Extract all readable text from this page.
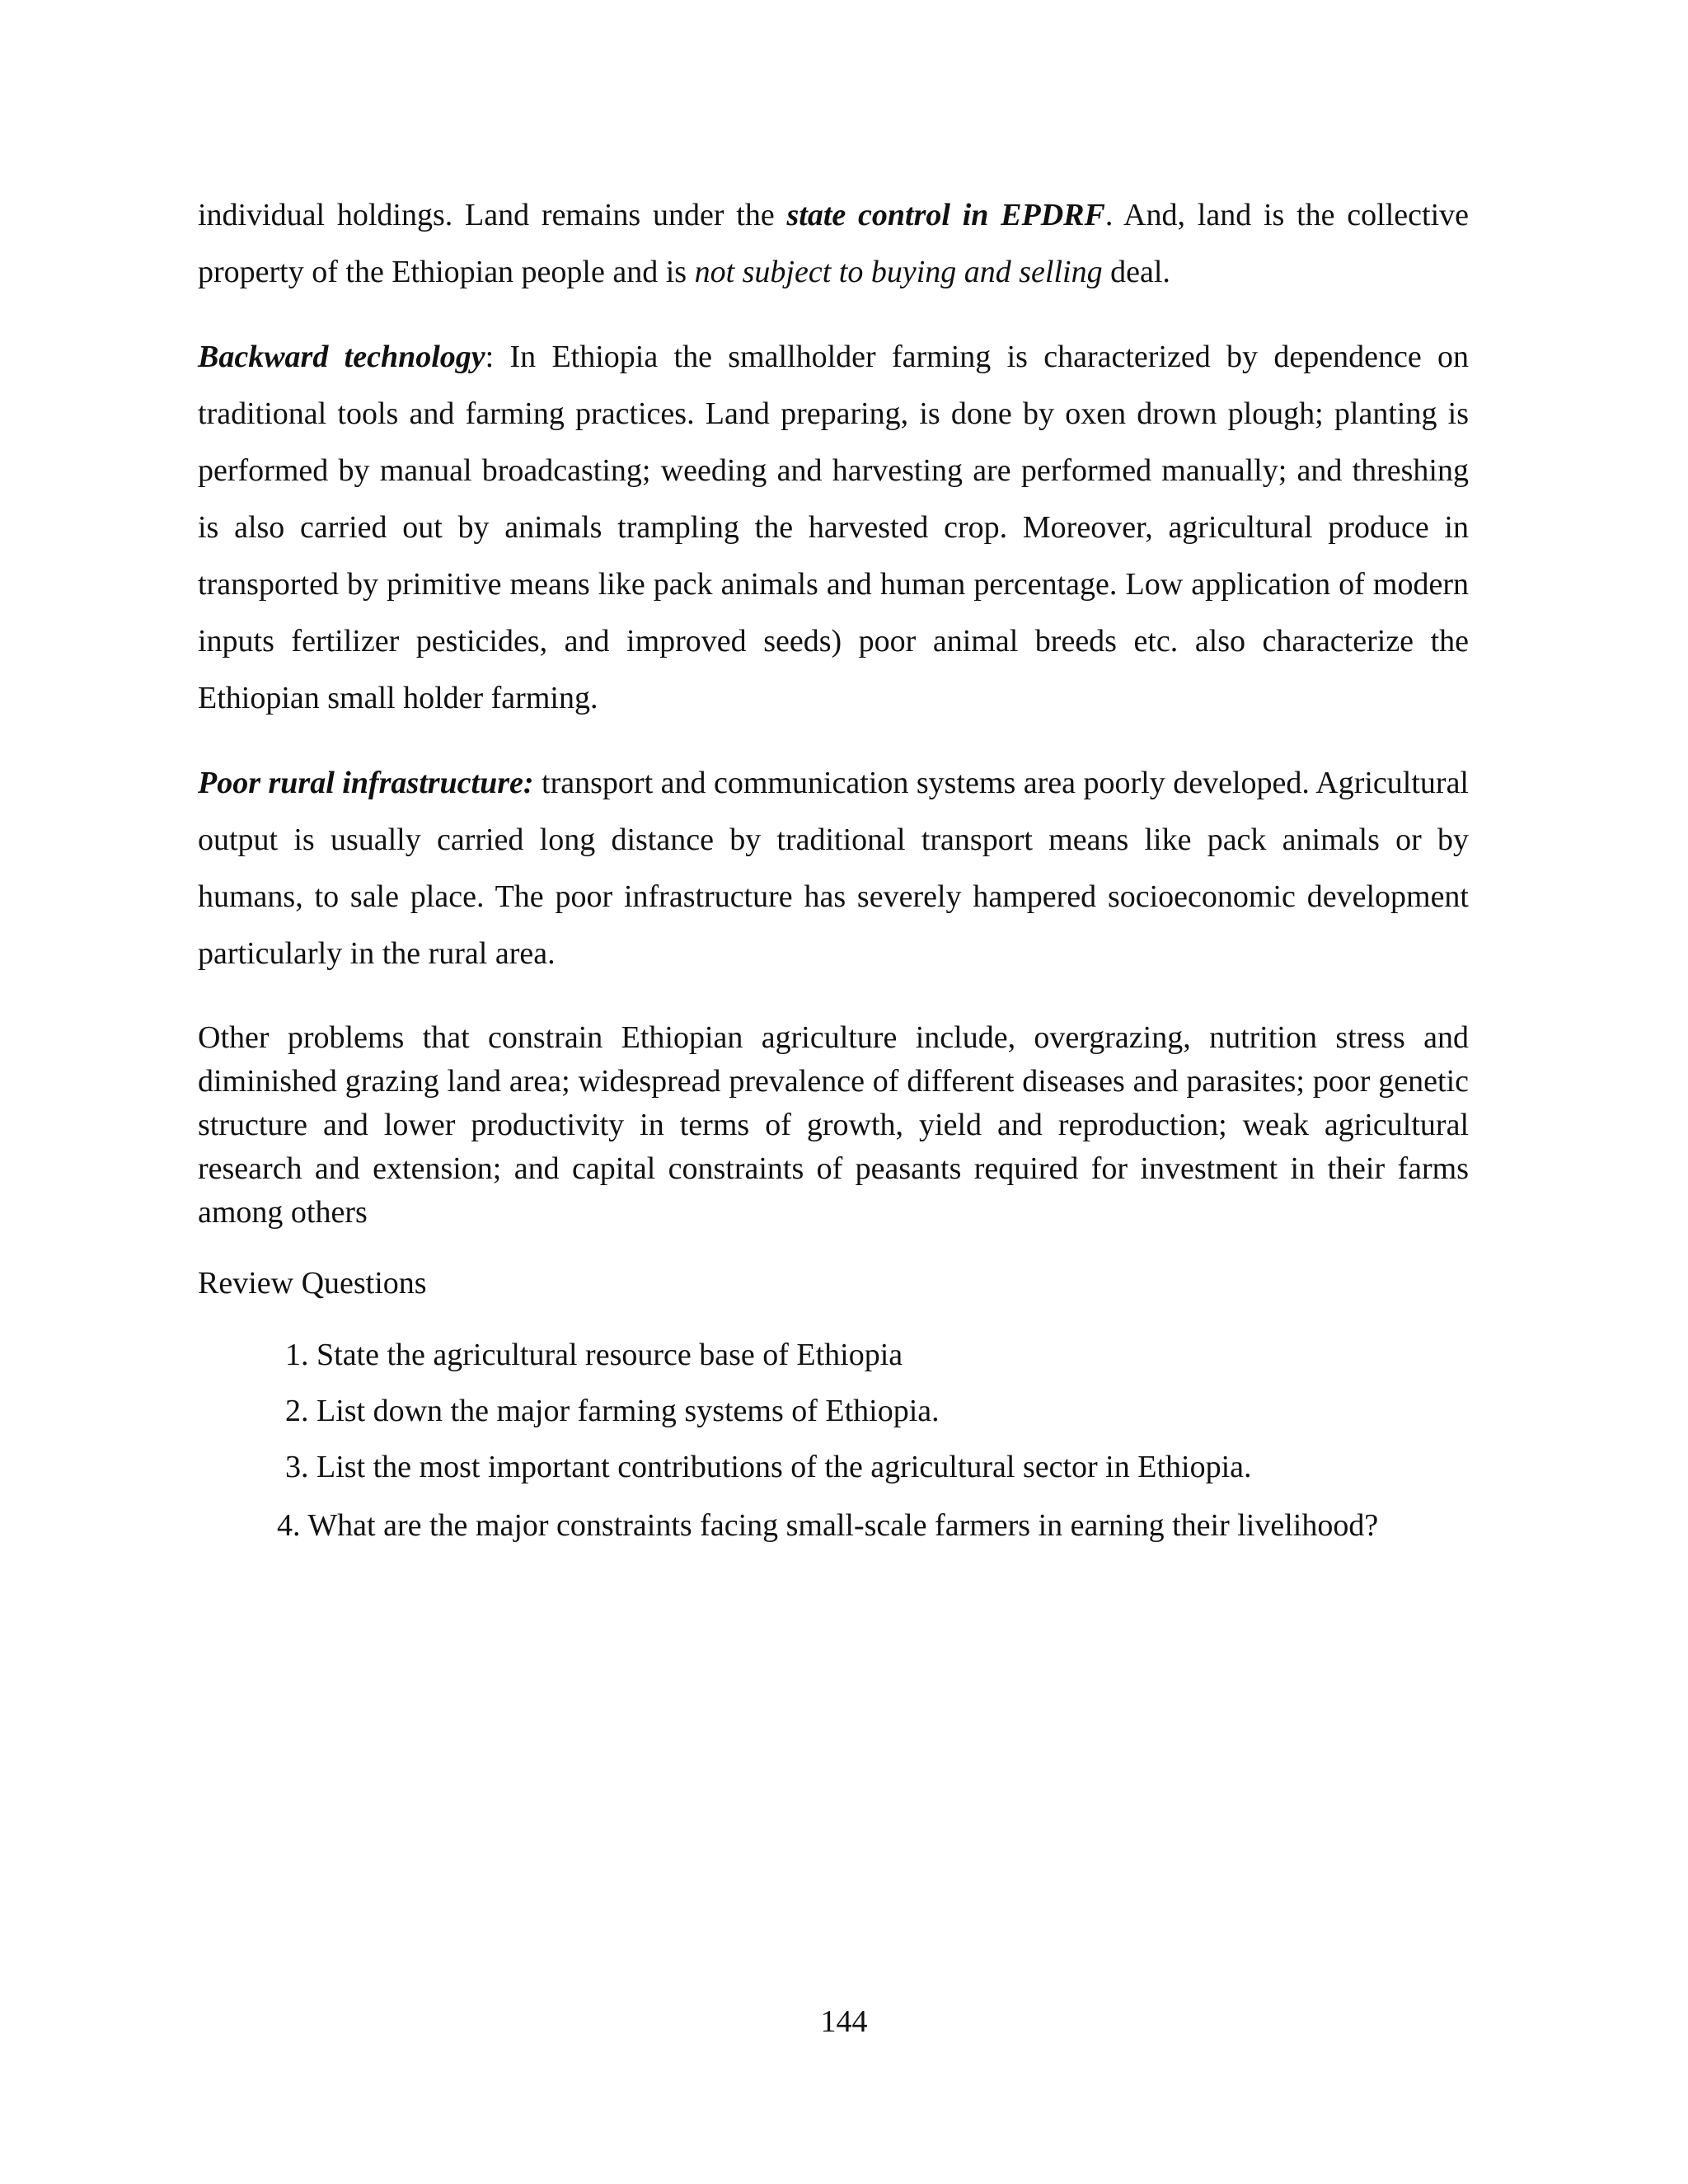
individual holdings. Land remains under the state control in EPDRF. And, land is the collective property of the Ethiopian people and is not subject to buying and selling deal.

Backward technology: In Ethiopia the smallholder farming is characterized by dependence on traditional tools and farming practices. Land preparing, is done by oxen drown plough; planting is performed by manual broadcasting; weeding and harvesting are performed manually; and threshing is also carried out by animals trampling the harvested crop. Moreover, agricultural produce in transported by primitive means like pack animals and human percentage. Low application of modern inputs fertilizer pesticides, and improved seeds) poor animal breeds etc. also characterize the Ethiopian small holder farming.

Poor rural infrastructure: transport and communication systems area poorly developed. Agricultural output is usually carried long distance by traditional transport means like pack animals or by humans, to sale place. The poor infrastructure has severely hampered socioeconomic development particularly in the rural area.

Other problems that constrain Ethiopian agriculture include, overgrazing, nutrition stress and diminished grazing land area; widespread prevalence of different diseases and parasites; poor genetic structure and lower productivity in terms of growth, yield and reproduction; weak agricultural research and extension; and capital constraints of peasants required for investment in their farms among others

Review Questions
1. State the agricultural resource base of Ethiopia
2. List down the major farming systems of Ethiopia.
3. List the most important contributions of the agricultural sector in Ethiopia.
4. What are the major constraints facing small-scale farmers in earning their livelihood?
144
